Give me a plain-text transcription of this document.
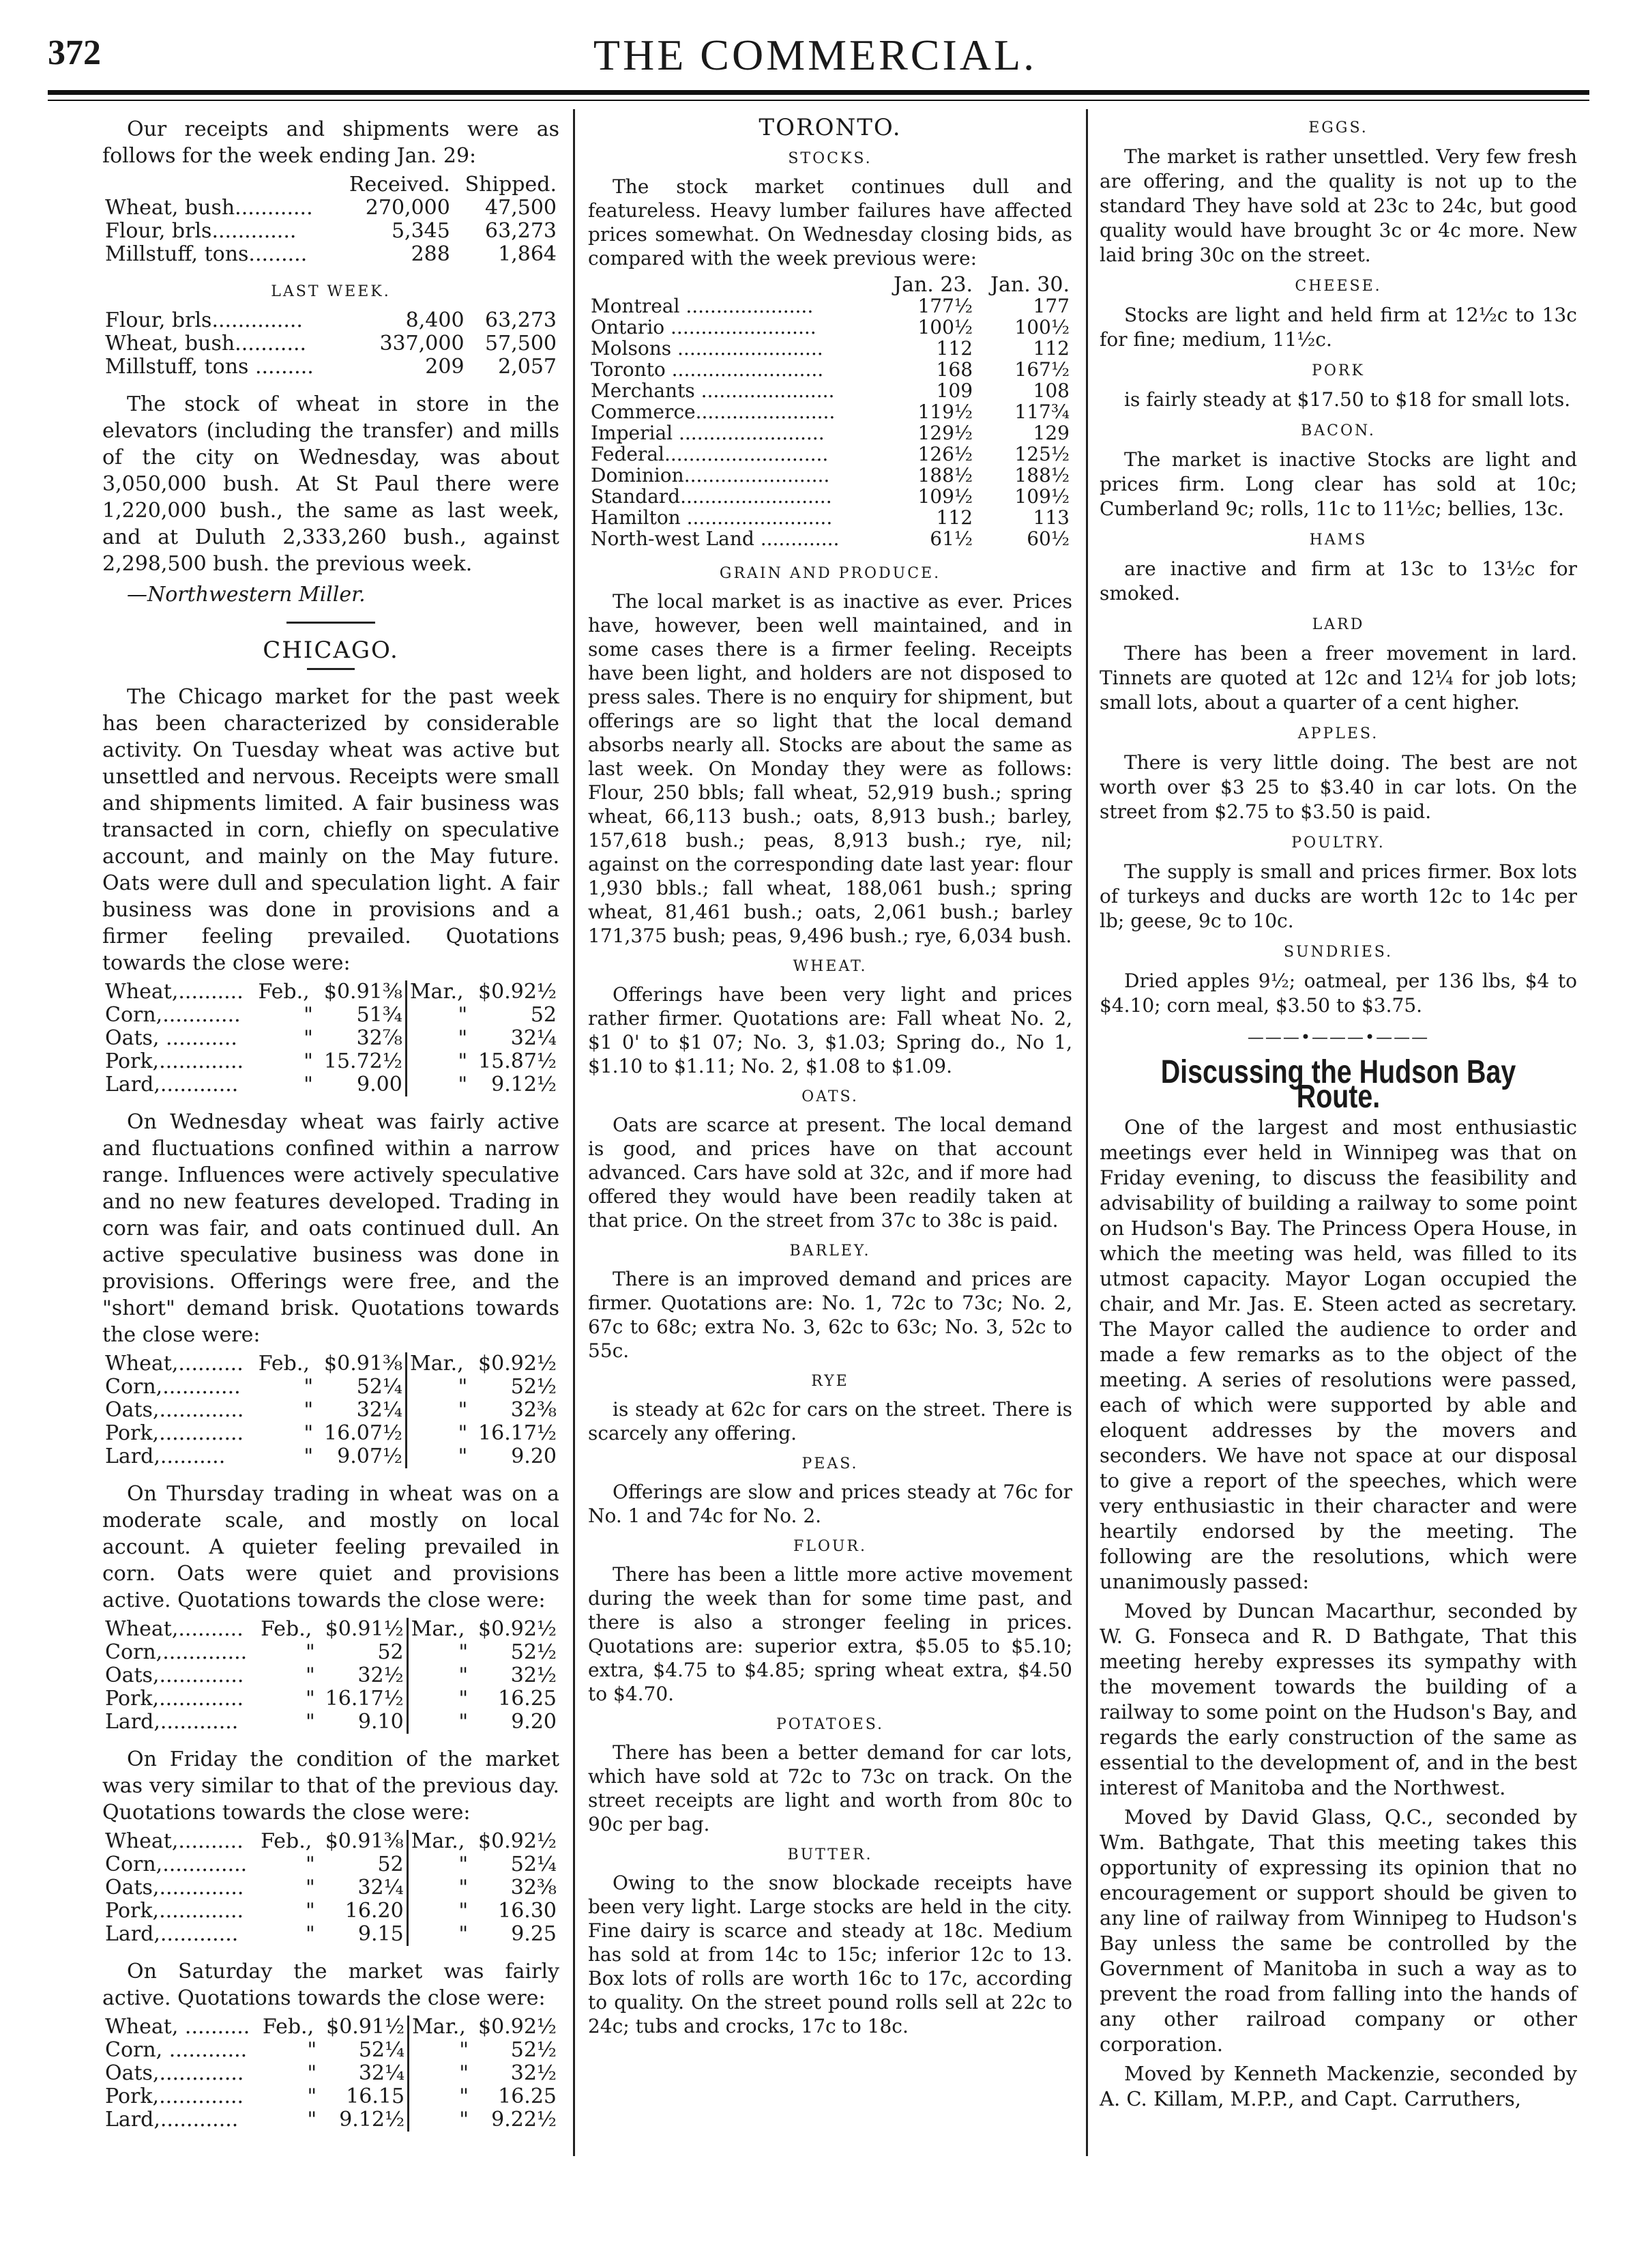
372	THE COMMERCIAL.

Our receipts and shipments were as follows for the week ending Jan. 29:

	Received.	Shipped.
Wheat, bush............	270,000	47,500
Flour, brls.............	5,345	63,273
Millstuff, tons.........	288	1,864
LAST WEEK.
Flour, brls..............	8,400	63,273
Wheat, bush...........	337,000	57,500
Millstuff, tons .........	209	2,057

The stock of wheat in store in the elevators (including the transfer) and mills of the city on Wednesday, was about 3,050,000 bush. At St Paul there were 1,220,000 bush., the same as last week, and at Duluth 2,333,260 bush., against 2,298,500 bush. the previous week.

—Northwestern Miller.

CHICAGO.

The Chicago market for the past week has been characterized by considerable activity. On Tuesday wheat was active but unsettled and nervous. Receipts were small and shipments limited. A fair business was transacted in corn, chiefly on speculative account, and mainly on the May future. Oats were dull and speculation light. A fair business was done in provisions and a firmer feeling prevailed. Quotations towards the close were:

Wheat,..........	Feb.,	$0.91⅜	Mar.,	$0.92½
Corn,............	"	51¾	"	52
Oats, ...........	"	32⅞	"	32¼
Pork,.............	"	15.72½	"	15.87½
Lard,............	"	9.00	"	9.12½

On Wednesday wheat was fairly active and fluctuations confined within a narrow range. Influences were actively speculative and no new features developed. Trading in corn was fair, and oats continued dull. An active speculative business was done in provisions. Offerings were free, and the "short" demand brisk. Quotations towards the close were:

Wheat,..........	Feb.,	$0.91⅜	Mar.,	$0.92½
Corn,............	"	52¼	"	52½
Oats,.............	"	32¼	"	32⅜
Pork,.............	"	16.07½	"	16.17½
Lard,..........	"	9.07½	"	9.20

On Thursday trading in wheat was on a moderate scale, and mostly on local account. A quieter feeling prevailed in corn. Oats were quiet and provisions active. Quotations towards the close were:

Wheat,..........	Feb.,	$0.91½	Mar.,	$0.92½
Corn,.............	"	52	"	52½
Oats,.............	"	32½	"	32½
Pork,.............	"	16.17½	"	16.25
Lard,............	"	9.10	"	9.20

On Friday the condition of the market was very similar to that of the previous day. Quotations towards the close were:

Wheat,..........	Feb.,	$0.91⅜	Mar.,	$0.92½
Corn,.............	"	52	"	52¼
Oats,.............	"	32¼	"	32⅜
Pork,.............	"	16.20	"	16.30
Lard,............	"	9.15	"	9.25

On Saturday the market was fairly active. Quotations towards the close were:

Wheat, ..........	Feb.,	$0.91½	Mar.,	$0.92½
Corn, ............	"	52¼	"	52½
Oats,.............	"	32¼	"	32½
Pork,.............	"	16.15	"	16.25
Lard,............	"	9.12½	"	9.22½
TORONTO.
STOCKS.

The stock market continues dull and featureless. Heavy lumber failures have affected prices somewhat. On Wednesday closing bids, as compared with the week previous were:

	Jan. 23.	Jan. 30.
Montreal .....................	177½	177
Ontario ........................	100½	100½
Molsons ........................	112	112
Toronto .........................	168	167½
Merchants ......................	109	108
Commerce.......................	119½	117¾
Imperial ........................	129½	129
Federal...........................	126½	125½
Dominion........................	188½	188½
Standard.........................	109½	109½
Hamilton ........................	112	113
North-west Land .............	61½	60½
GRAIN AND PRODUCE.

The local market is as inactive as ever. Prices have, however, been well maintained, and in some cases there is a firmer feeling. Receipts have been light, and holders are not disposed to press sales. There is no enquiry for shipment, but offerings are so light that the local demand absorbs nearly all. Stocks are about the same as last week. On Monday they were as follows: Flour, 250 bbls; fall wheat, 52,919 bush.; spring wheat, 66,113 bush.; oats, 8,913 bush.; barley, 157,618 bush.; peas, 8,913 bush.; rye, nil; against on the corresponding date last year: flour 1,930 bbls.; fall wheat, 188,061 bush.; spring wheat, 81,461 bush.; oats, 2,061 bush.; barley 171,375 bush; peas, 9,496 bush.; rye, 6,034 bush.

WHEAT.

Offerings have been very light and prices rather firmer. Quotations are: Fall wheat No. 2, $1 0' to $1 07; No. 3, $1.03; Spring do., No 1, $1.10 to $1.11; No. 2, $1.08 to $1.09.

OATS.

Oats are scarce at present. The local demand is good, and prices have on that account advanced. Cars have sold at 32c, and if more had offered they would have been readily taken at that price. On the street from 37c to 38c is paid.

BARLEY.

There is an improved demand and prices are firmer. Quotations are: No. 1, 72c to 73c; No. 2, 67c to 68c; extra No. 3, 62c to 63c; No. 3, 52c to 55c.

RYE

is steady at 62c for cars on the street. There is scarcely any offering.

PEAS.

Offerings are slow and prices steady at 76c for No. 1 and 74c for No. 2.

FLOUR.

There has been a little more active movement during the week than for some time past, and there is also a stronger feeling in prices. Quotations are: superior extra, $5.05 to $5.10; extra, $4.75 to $4.85; spring wheat extra, $4.50 to $4.70.

POTATOES.

There has been a better demand for car lots, which have sold at 72c to 73c on track. On the street receipts are light and worth from 80c to 90c per bag.

BUTTER.

Owing to the snow blockade receipts have been very light. Large stocks are held in the city. Fine dairy is scarce and steady at 18c. Medium has sold at from 14c to 15c; inferior 12c to 13. Box lots of rolls are worth 16c to 17c, according to quality. On the street pound rolls sell at 22c to 24c; tubs and crocks, 17c to 18c.

EGGS.

The market is rather unsettled. Very few fresh are offering, and the quality is not up to the standard They have sold at 23c to 24c, but good quality would have brought 3c or 4c more. New laid bring 30c on the street.

CHEESE.

Stocks are light and held firm at 12½c to 13c for fine; medium, 11½c.

PORK

is fairly steady at $17.50 to $18 for small lots.

BACON.

The market is inactive Stocks are light and prices firm. Long clear has sold at 10c; Cumberland 9c; rolls, 11c to 11½c; bellies, 13c.

HAMS

are inactive and firm at 13c to 13½c for smoked.

LARD

There has been a freer movement in lard. Tinnets are quoted at 12c and 12¼ for job lots; small lots, about a quarter of a cent higher.

APPLES.

There is very little doing. The best are not worth over $3 25 to $3.40 in car lots. On the street from $2.75 to $3.50 is paid.

POULTRY.

The supply is small and prices firmer. Box lots of turkeys and ducks are worth 12c to 14c per lb; geese, 9c to 10c.

SUNDRIES.

Dried apples 9½; oatmeal, per 136 lbs, $4 to $4.10; corn meal, $3.50 to $3.75.

———•———•———
Discussing the Hudson Bay Route.

One of the largest and most enthusiastic meetings ever held in Winnipeg was that on Friday evening, to discuss the feasibility and advisability of building a railway to some point on Hudson's Bay. The Princess Opera House, in which the meeting was held, was filled to its utmost capacity. Mayor Logan occupied the chair, and Mr. Jas. E. Steen acted as secretary. The Mayor called the audience to order and made a few remarks as to the object of the meeting. A series of resolutions were passed, each of which were supported by able and eloquent addresses by the movers and seconders. We have not space at our disposal to give a report of the speeches, which were very enthusiastic in their character and were heartily endorsed by the meeting. The following are the resolutions, which were unanimously passed:

Moved by Duncan Macarthur, seconded by W. G. Fonseca and R. D Bathgate, That this meeting hereby expresses its sympathy with the movement towards the building of a railway to some point on the Hudson's Bay, and regards the early construction of the same as essential to the development of, and in the best interest of Manitoba and the Northwest.

Moved by David Glass, Q.C., seconded by Wm. Bathgate, That this meeting takes this opportunity of expressing its opinion that no encouragement or support should be given to any line of railway from Winnipeg to Hudson's Bay unless the same be controlled by the Government of Manitoba in such a way as to prevent the road from falling into the hands of any other railroad company or other corporation.

Moved by Kenneth Mackenzie, seconded by A. C. Killam, M.P.P., and Capt. Carruthers,
